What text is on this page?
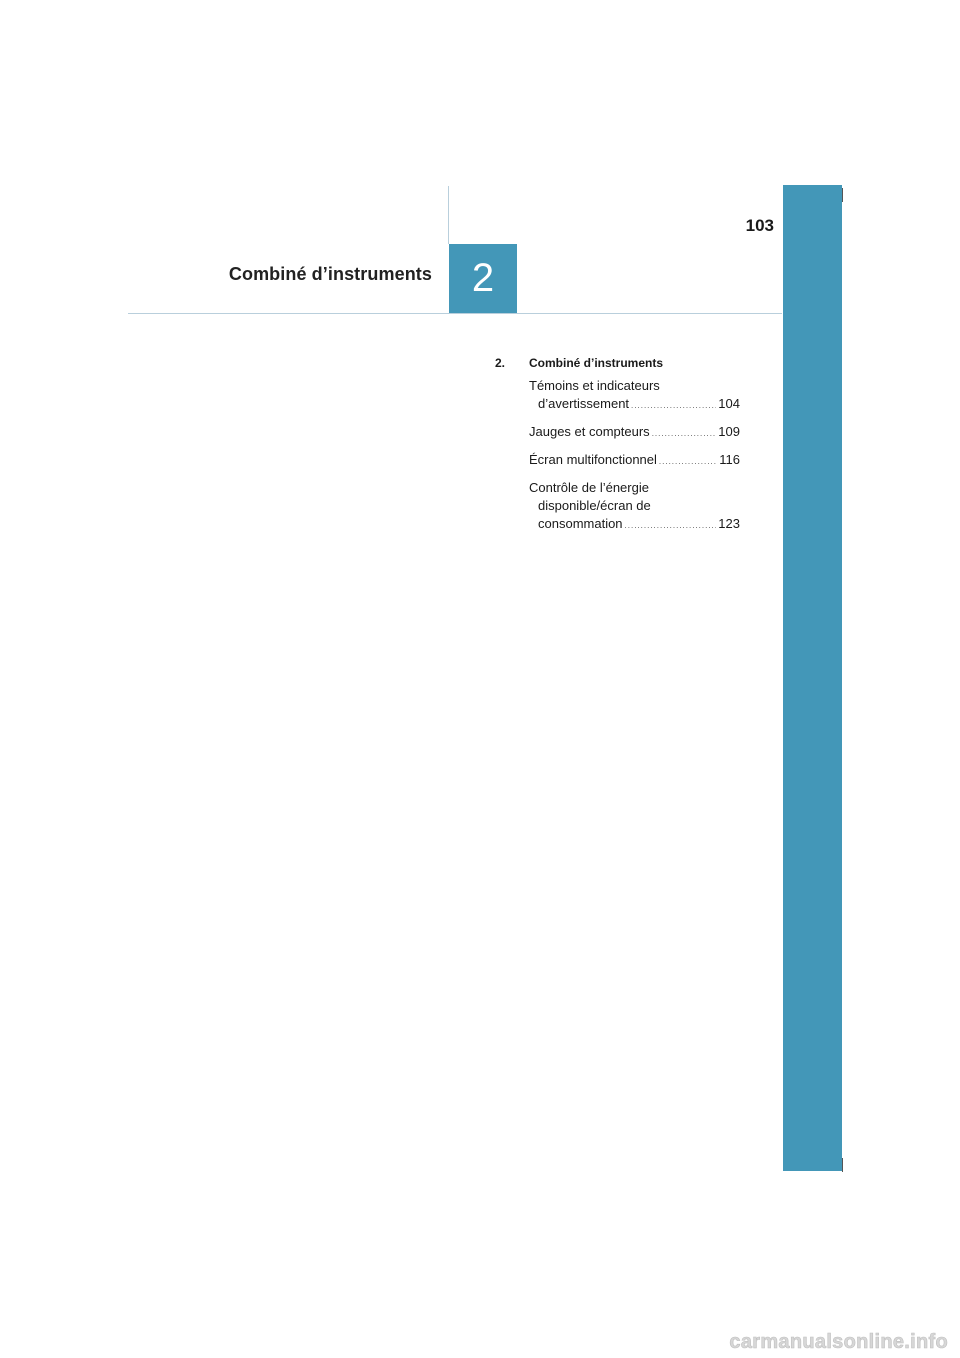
103
Combiné d’instruments 2
2.	Combiné d’instruments
Témoins et indicateurs
d’avertissement .....	104
Jauges et compteurs .....	109
Écran multifonctionnel .....	116
Contrôle de l’énergie
disponible/écran de
consommation .....	123
carmanualsonline.info
